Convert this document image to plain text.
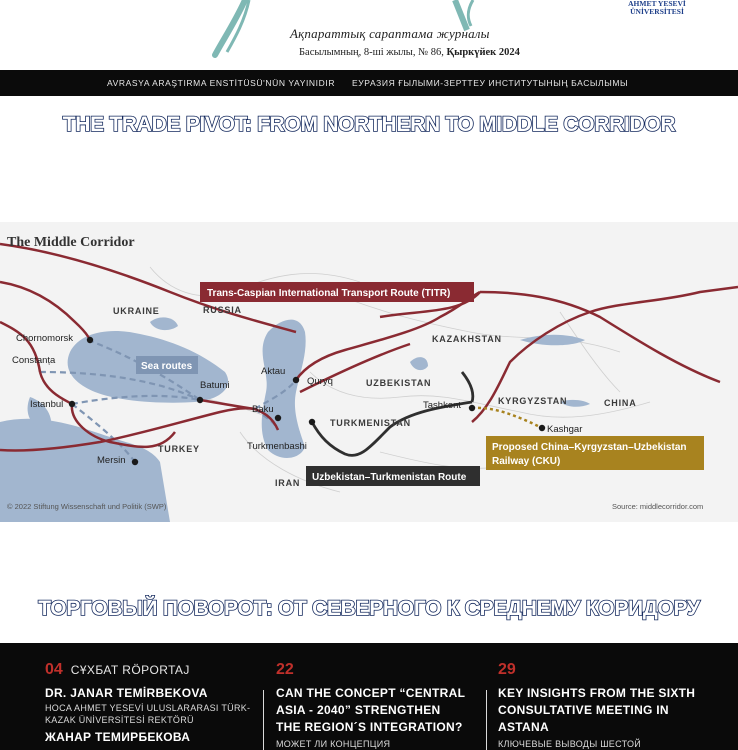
Ақпараттық сараптама журналы
Басылымның, 8-ші жылы, № 86, Қыркүйек 2024
AHMET YESEVİ
ÜNİVERSİTESİ
AVRASYA ARAŞTIRMA ENSTİTÜSÜ'NÜN YAYINIDIR ЕУРАЗИЯ ҒЫЛЫМИ-ЗЕРТТЕУ ИНСТИТУТЫНЫҢ БАСЫЛЫМЫ
THE TRADE PIVOT: FROM NORTHERN TO MIDDLE CORRIDOR
The Middle Corridor
Trans-Caspian International Transport Route (TITR)
Sea routes
Uzbekistan–Turkmenistan Route
Proposed China–Kyrgyzstan–Uzbekistan
Railway (CKU)
UKRAINE	RUSSIA
KAZAKHSTAN
UZBEKISTAN
KYRGYZSTAN	CHINA
TURKMENISTAN
TURKEY
IRAN
Chornomorsk
Constanța
Istanbul
Mersin
Batumi
Baku
Turkmenbashi
Aktau
Quryq
Tashkent
Kashgar
© 2022 Stiftung Wissenschaft und Politik (SWP)	Source: middlecorridor.com
ТОРГОВЫЙ ПОВОРОТ: ОТ СЕВЕРНОГО К СРЕДНЕМУ КОРИДОРУ
04 СҰХБАТ RÖPORTAJ
DR. JANAR TEMİRBEKOVA
HOCA AHMET YESEVİ ULUSLARARASI TÜRK-KAZAK ÜNİVERSİTESİ REKTÖRÜ
ЖАНАР ТЕМИРБЕКОВА
22
CAN THE CONCEPT “CENTRAL
ASIA - 2040” STRENGTHEN
THE REGION´S INTEGRATION?
МОЖЕТ ЛИ КОНЦЕПЦИЯ
29
KEY INSIGHTS FROM THE SIXTH
CONSULTATIVE MEETING IN
ASTANA
КЛЮЧЕВЫЕ ВЫВОДЫ ШЕСТОЙ
